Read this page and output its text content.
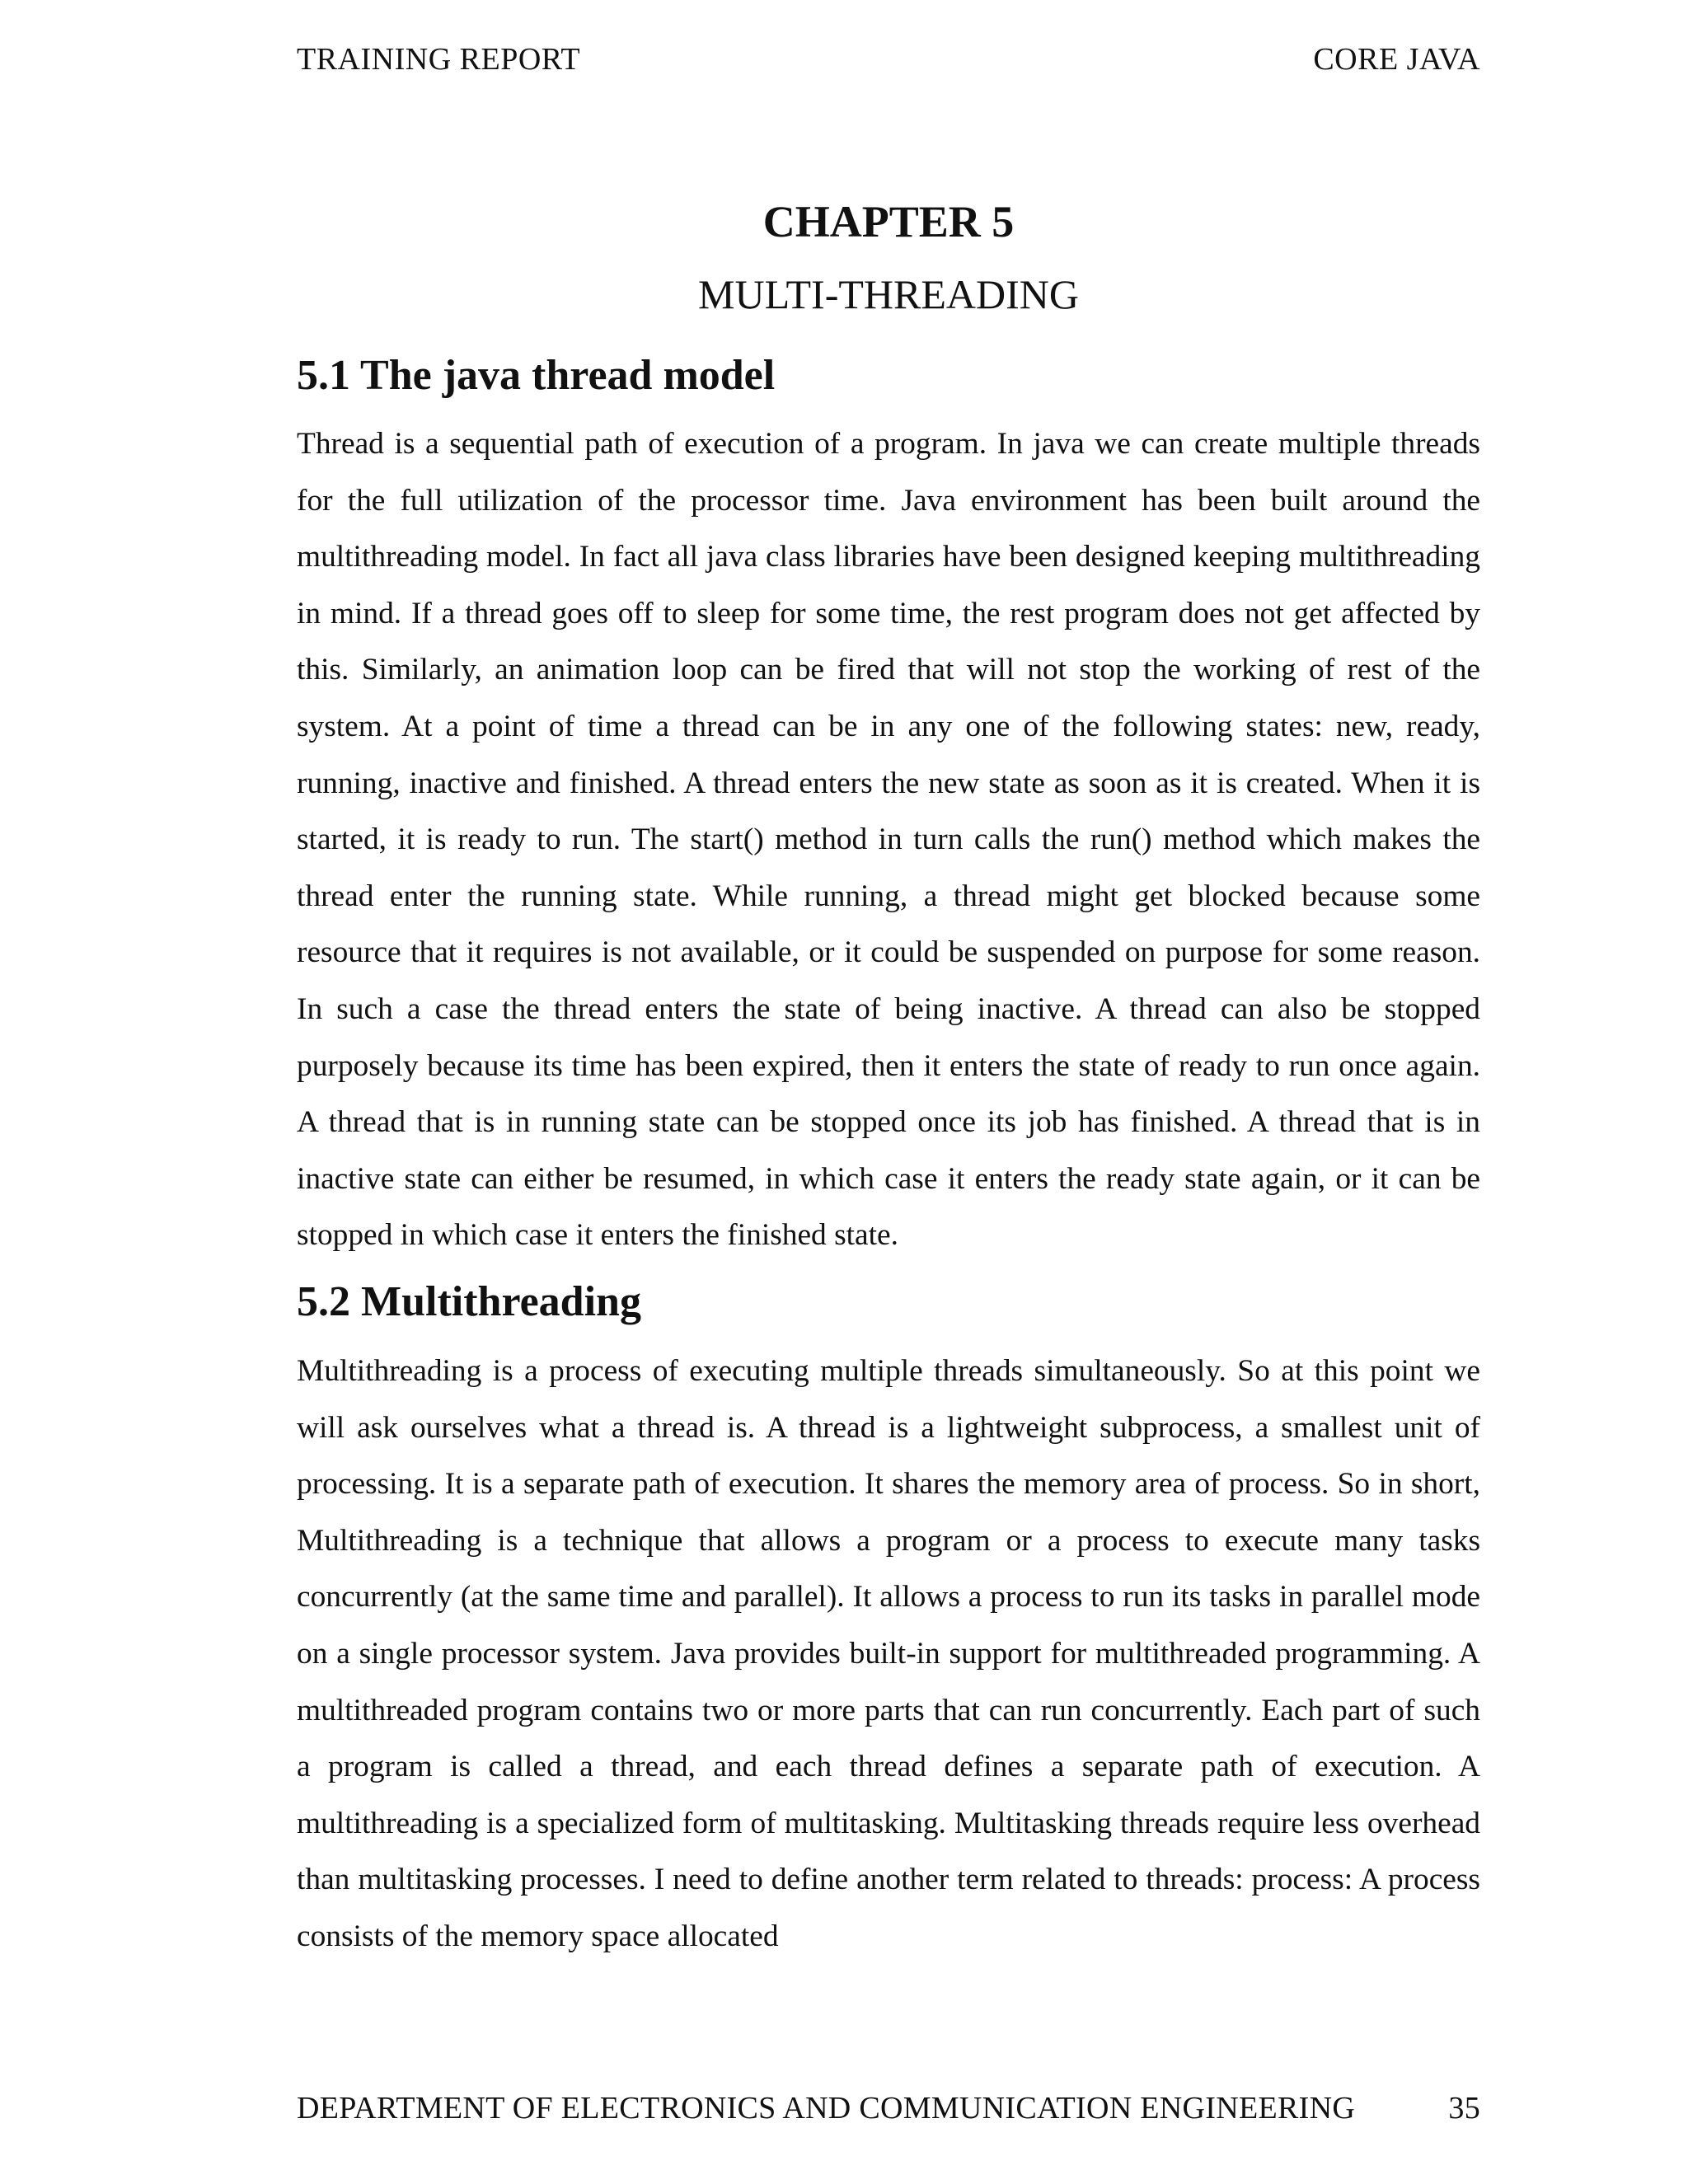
TRAINING REPORT	CORE JAVA
CHAPTER 5
MULTI-THREADING
5.1 The java thread model

Thread is a sequential path of execution of a program. In java we can create multiple threads for the full utilization of the processor time. Java environment has been built around the multithreading model. In fact all java class libraries have been designed keeping multithreading in mind. If a thread goes off to sleep for some time, the rest program does not get affected by this. Similarly, an animation loop can be fired that will not stop the working of rest of the system. At a point of time a thread can be in any one of the following states: new, ready, running, inactive and finished. A thread enters the new state as soon as it is created. When it is started, it is ready to run. The start() method in turn calls the run() method which makes the thread enter the running state. While running, a thread might get blocked because some resource that it requires is not available, or it could be suspended on purpose for some reason. In such a case the thread enters the state of being inactive. A thread can also be stopped purposely because its time has been expired, then it enters the state of ready to run once again. A thread that is in running state can be stopped once its job has finished. A thread that is in inactive state can either be resumed, in which case it enters the ready state again, or it can be stopped in which case it enters the finished state.

5.2 Multithreading

Multithreading is a process of executing multiple threads simultaneously. So at this point we will ask ourselves what a thread is. A thread is a lightweight subprocess, a smallest unit of processing. It is a separate path of execution. It shares the memory area of process. So in short, Multithreading is a technique that allows a program or a process to execute many tasks concurrently (at the same time and parallel). It allows a process to run its tasks in parallel mode on a single processor system. Java provides built-in support for multithreaded programming. A multithreaded program contains two or more parts that can run concurrently. Each part of such a program is called a thread, and each thread defines a separate path of execution. A multithreading is a specialized form of multitasking. Multitasking threads require less overhead than multitasking processes. I need to define another term related to threads: process: A process consists of the memory space allocated

DEPARTMENT OF ELECTRONICS AND COMMUNICATION ENGINEERING	35
